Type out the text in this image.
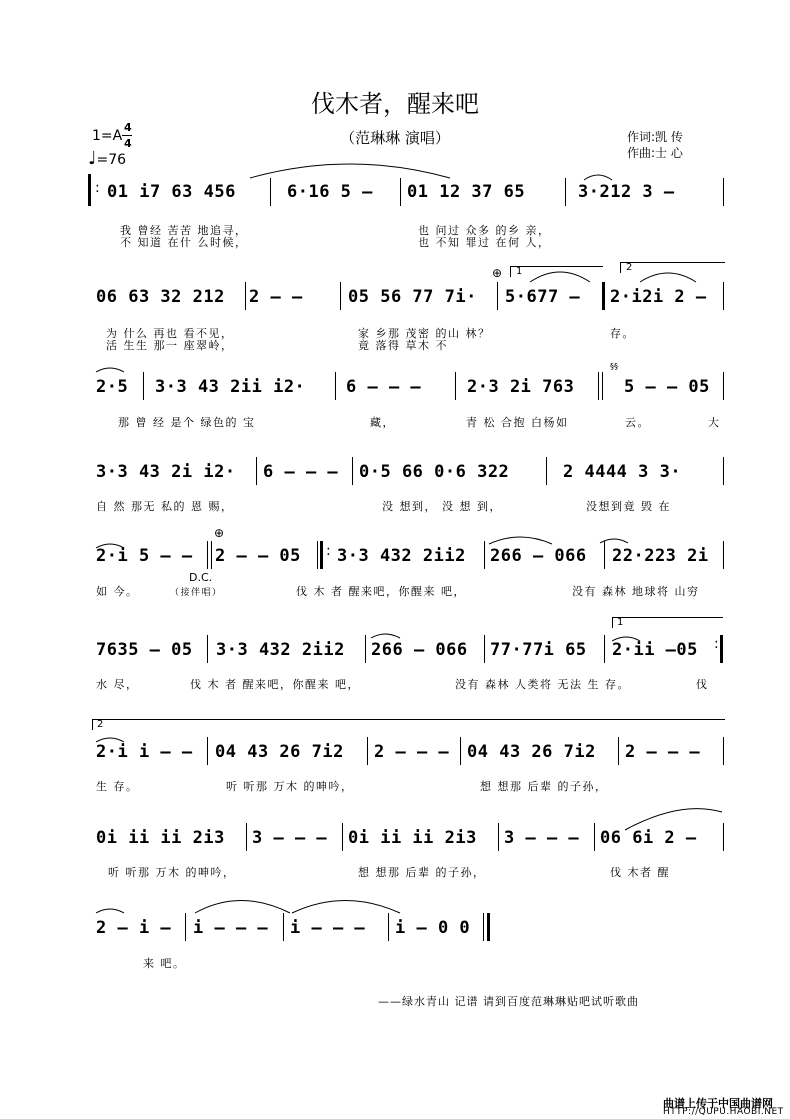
伐木者，醒来吧
（范琳琳 演唱）
1=A
4
4
♩=76
作词:凯 传
作曲:士 心
: 01 i7 63 456	6·16 5 — 01 12 37 65	3·212 3 —
我 曾经 苦苦 地追寻，
不 知道 在什 么时候，
也 问过 众多 的乡 亲，
也 不知 罪过 在何 人，
06 63 32 212 2 — —	05 56 77 7i· 5·677 — 2·i2i 2 —
1	2
⊕
为 什么 再也 看不见，
活 生生 那一 座翠岭，
家 乡那 茂密 的山 林？
竟 落得 草木 不
存。
2·5 3·3 43 2ii i2· 6 — — —	2·3 2i 763
§§
5 — — 05
那 曾 经 是个 绿色的 宝	藏，	青 松 合抱 白杨如	云。	大
3·3 43 2i i2· 6 — — — 0·5 66 0·6 322	2 4444 3 3·
自 然 那无 私的 恩 赐，	没 想到， 没 想 到，	没想到竟 毁 在
2·i 5 — —
⊕
2 — — 05 : 3·3 432 2ii2 266 — 066 22·223 2i
D.C.
如 今。	（接伴唱）	伐 木 者 醒来吧，你醒来 吧，	没有 森林 地球将 山穷
7635 — 05 3·3 432 2ii2 266 — 066 77·77i 65
1
2·ii —05 :
水 尽，	伐 木 者 醒来吧，你醒来 吧，	没有 森林 人类将 无法 生 存。	伐
2
2·i i — — 04 43 26 7i2 2 — — — 04 43 26 7i2 2 — — —
生 存。	听 听那 万木 的呻吟，	想 想那 后辈 的子孙，
0i ii ii 2i3 3 — — — 0i ii ii 2i3 3 — — — 06 6i 2 —
听 听那 万木 的呻吟，	想 想那 后辈 的子孙，	伐 木者 醒
2 — i — i — — — i — — — i — 0 0
来 吧。
——绿水青山 记谱 请到百度范琳琳贴吧试听歌曲
曲谱上传于中国曲谱网
HTTP://QUPU.HAOBI.NET
